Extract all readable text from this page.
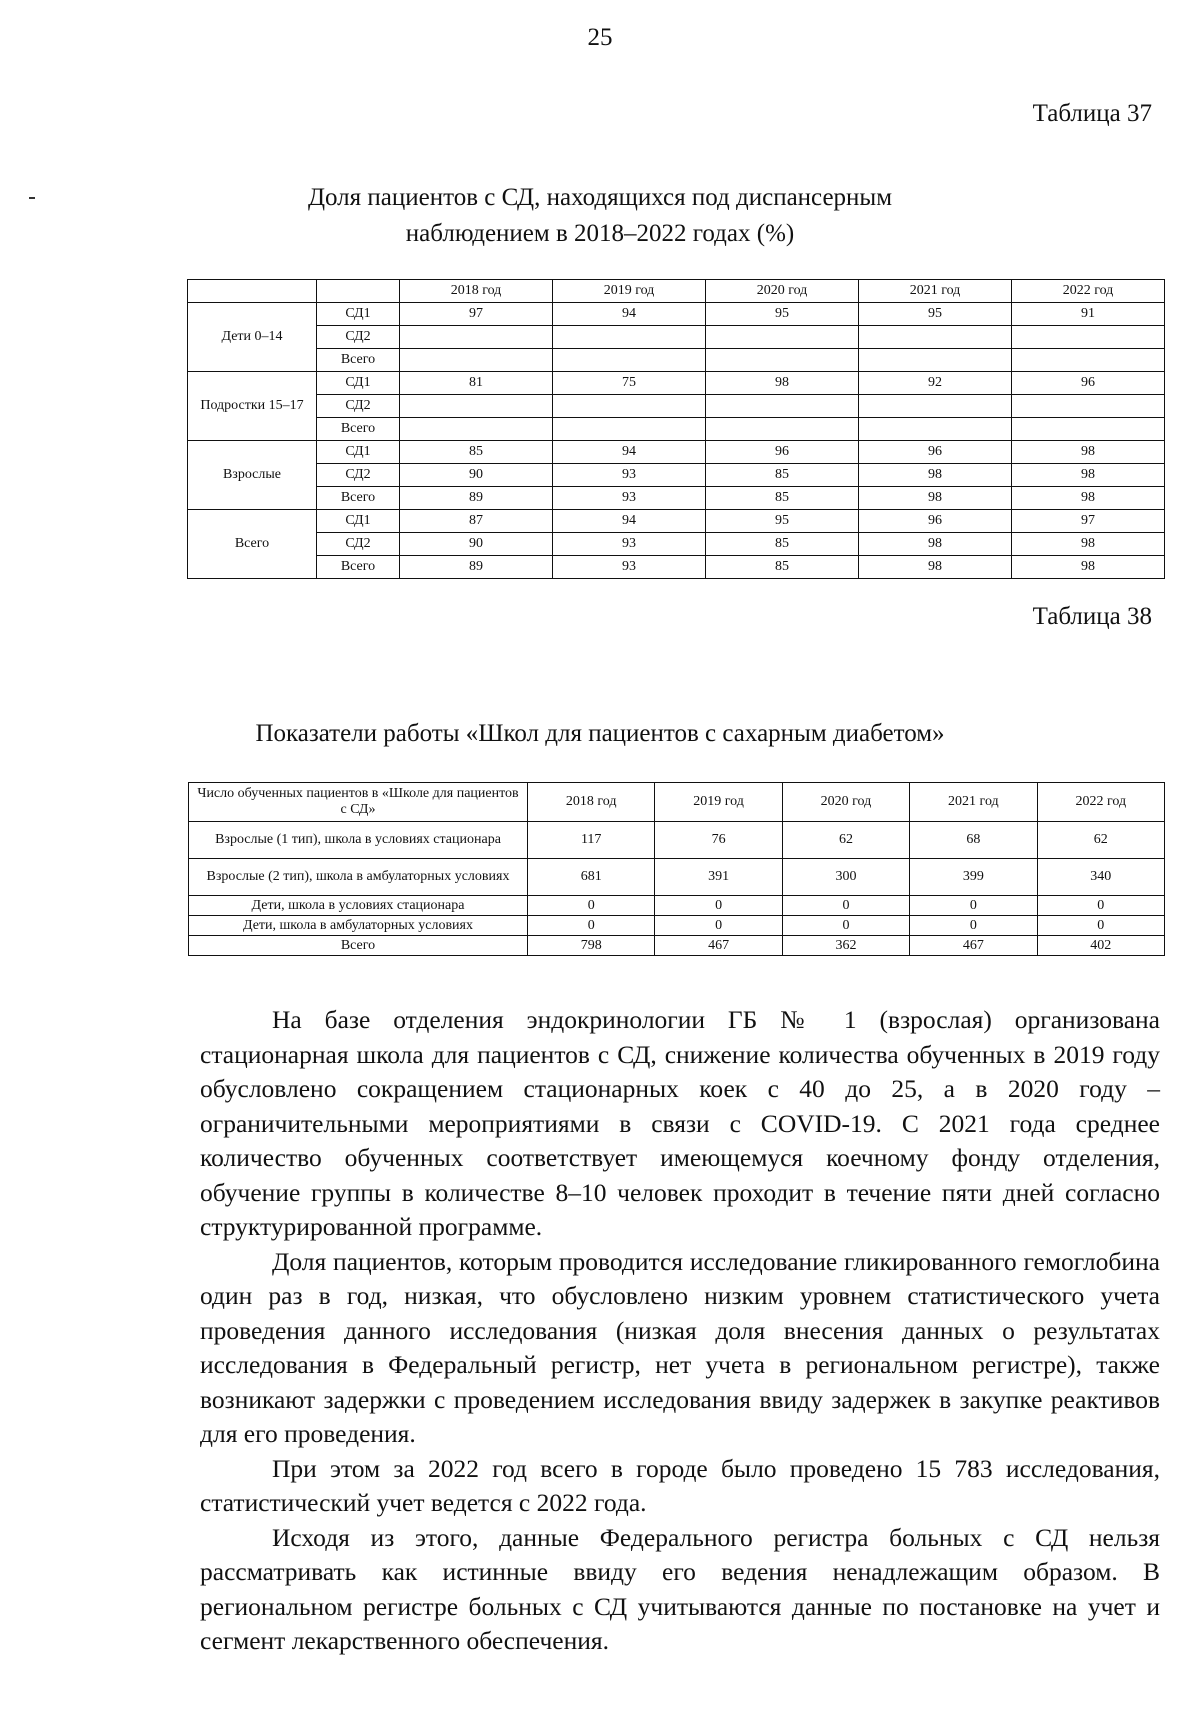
25
Таблица 37
Доля пациентов с СД, находящихся под диспансерным
наблюдением в 2018–2022 годах (%)
		2018 год	2019 год	2020 год	2021 год	2022 год
Дети 0–14	СД1	97	94	95	95	91
	СД2					
	Всего					
Подростки 15–17	СД1	81	75	98	92	96
	СД2					
	Всего					
Взрослые	СД1	85	94	96	96	98
	СД2	90	93	85	98	98
	Всего	89	93	85	98	98
Всего	СД1	87	94	95	96	97
	СД2	90	93	85	98	98
	Всего	89	93	85	98	98
Таблица 38
Показатели работы «Школ для пациентов с сахарным диабетом»
Число обученных пациентов в «Школе для пациентов с СД»	2018 год	2019 год	2020 год	2021 год	2022 год
Взрослые (1 тип), школа в условиях стационара	117	76	62	68	62
Взрослые (2 тип), школа в амбулаторных условиях	681	391	300	399	340
Дети, школа в условиях стационара	0	0	0	0	0
Дети, школа в амбулаторных условиях	0	0	0	0	0
Всего	798	467	362	467	402

На базе отделения эндокринологии ГБ № 1 (взрослая) организована стационарная школа для пациентов с СД, снижение количества обученных в 2019 году обусловлено сокращением стационарных коек с 40 до 25, а в 2020 году – ограничительными мероприятиями в связи с COVID-19. С 2021 года среднее количество обученных соответствует имеющемуся коечному фонду отделения, обучение группы в количестве 8–10 человек проходит в течение пяти дней согласно структурированной программе.

Доля пациентов, которым проводится исследование гликированного гемоглобина один раз в год, низкая, что обусловлено низким уровнем статистического учета проведения данного исследования (низкая доля внесения данных о результатах исследования в Федеральный регистр, нет учета в региональном регистре), также возникают задержки с проведением исследования ввиду задержек в закупке реактивов для его проведения.

При этом за 2022 год всего в городе было проведено 15 783 исследования, статистический учет ведется с 2022 года.

Исходя из этого, данные Федерального регистра больных с СД нельзя рассматривать как истинные ввиду его ведения ненадлежащим образом. В региональном регистре больных с СД учитываются данные по постановке на учет и сегмент лекарственного обеспечения.
